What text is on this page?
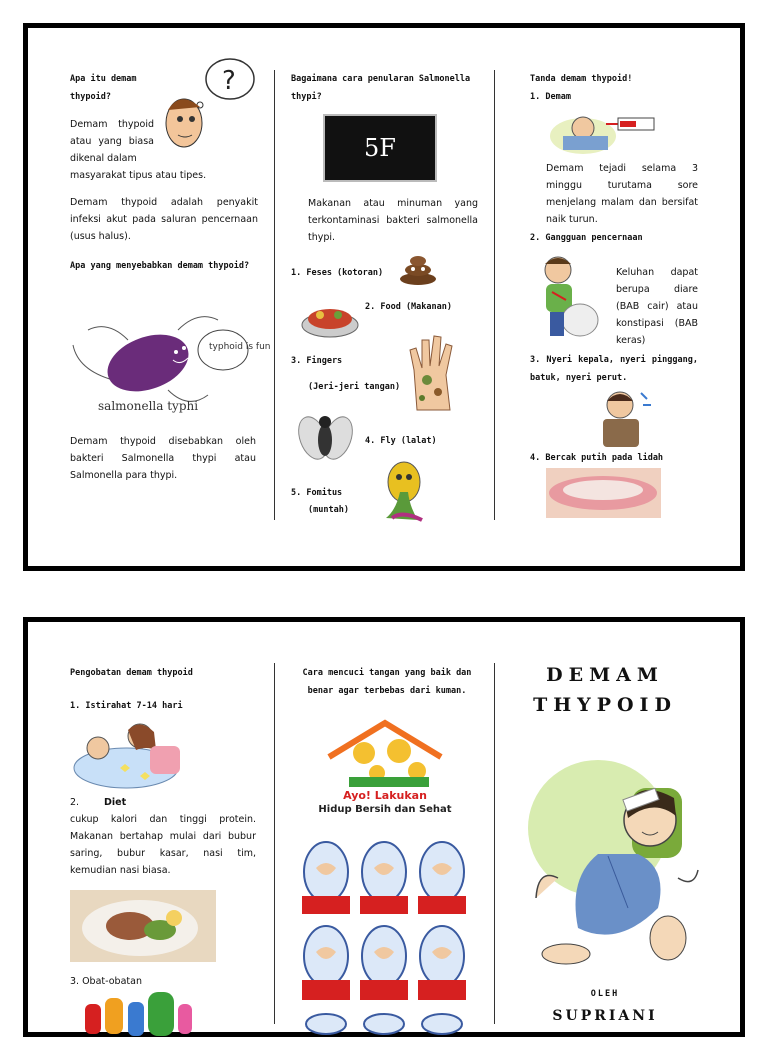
Apa itu demam thypoid?
?
Demam thypoid atau yang biasa dikenal dalam
masyarakat tipus atau tipes.
Demam thypoid adalah penyakit infeksi akut pada saluran pencernaan (usus halus).
Apa yang menyebabkan demam thypoid?
typhoid is fun
salmonella typhi
Demam thypoid disebabkan oleh bakteri Salmonella thypi atau Salmonella para thypi.
Bagaimana cara penularan Salmonella thypi?
5F
Makanan atau minuman yang terkontaminasi bakteri salmonella thypi.
1. Feses (kotoran)
2. Food (Makanan)
3. Fingers
(Jeri-jeri tangan)
4. Fly (lalat)
5. Fomitus
(muntah)
Tanda demam thypoid!
1. Demam
Demam tejadi selama 3 minggu turutama sore menjelang malam dan bersifat naik turun.
2. Gangguan pencernaan
Keluhan dapat berupa diare (BAB cair) atau konstipasi (BAB keras)
3. Nyeri kepala, nyeri pinggang, batuk, nyeri perut.
4. Bercak putih pada lidah
Pengobatan demam thypoid
1. Istirahat 7-14 hari
2.	Diet
cukup kalori dan tinggi protein. Makanan bertahap mulai dari bubur saring, bubur kasar, nasi tim, kemudian nasi biasa.
3. Obat-obatan
Cara mencuci tangan yang baik dan benar agar terbebas dari kuman.
Ayo! Lakukan
Hidup Bersih dan Sehat
DEMAM
THYPOID
OLEH
SUPRIANI
